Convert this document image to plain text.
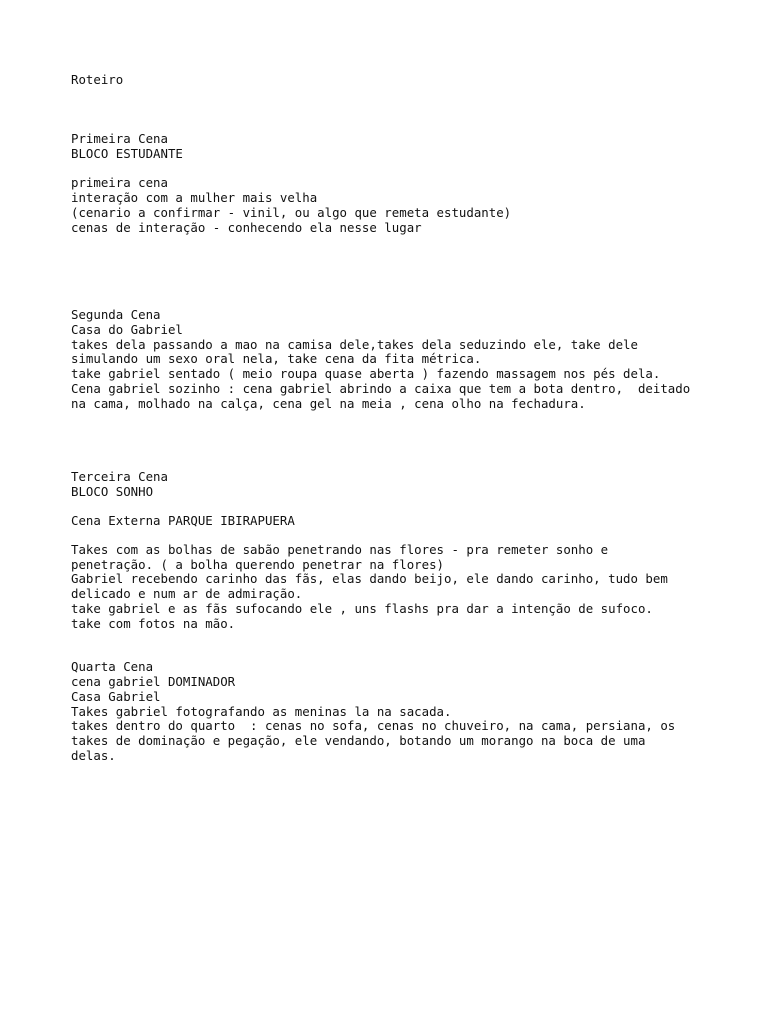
Roteiro

Primeira Cena

BLOCO ESTUDANTE

primeira cena

interação com a mulher mais velha

(cenario a confirmar - vinil, ou algo que remeta estudante)

cenas de interação - conhecendo ela nesse lugar

Segunda Cena

Casa do Gabriel

takes dela passando a mao na camisa dele,takes dela seduzindo ele, take dele

simulando um sexo oral nela, take cena da fita métrica.

take gabriel sentado ( meio roupa quase aberta ) fazendo massagem nos pés dela.

Cena gabriel sozinho : cena gabriel abrindo a caixa que tem a bota dentro,  deitado

na cama, molhado na calça, cena gel na meia , cena olho na fechadura.

Terceira Cena

BLOCO SONHO

Cena Externa PARQUE IBIRAPUERA

Takes com as bolhas de sabão penetrando nas flores - pra remeter sonho e

penetração. ( a bolha querendo penetrar na flores)

Gabriel recebendo carinho das fãs, elas dando beijo, ele dando carinho, tudo bem

delicado e num ar de admiração.

take gabriel e as fãs sufocando ele , uns flashs pra dar a intenção de sufoco.

take com fotos na mão.

Quarta Cena

cena gabriel DOMINADOR

Casa Gabriel

Takes gabriel fotografando as meninas la na sacada.

takes dentro do quarto  : cenas no sofa, cenas no chuveiro, na cama, persiana, os

takes de dominação e pegação, ele vendando, botando um morango na boca de uma

delas.
